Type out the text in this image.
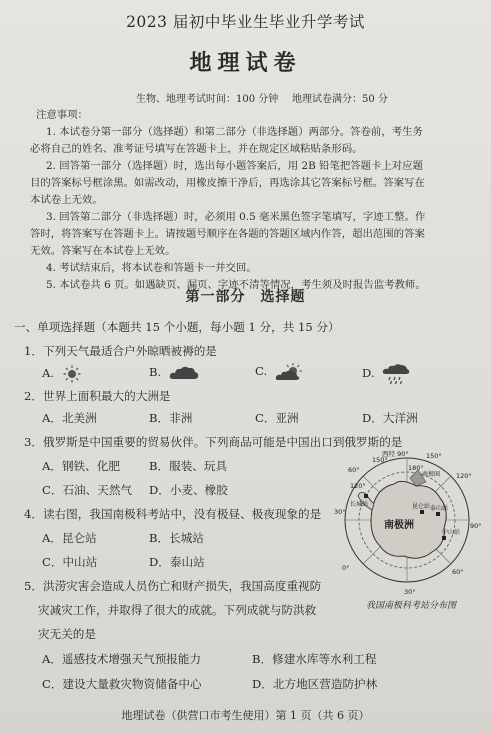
2023 届初中毕业生毕业升学考试
地理试卷
生物、地理考试时间：100 分钟 地理试卷满分：50 分
注意事项：
1. 本试卷分第一部分（选择题）和第二部分（非选择题）两部分。答卷前，考生务
必将自己的姓名、准考证号填写在答题卡上，并在规定区域粘贴条形码。
2. 回答第一部分（选择题）时，选出每小题答案后，用 2B 铅笔把答题卡上对应题
目的答案标号框涂黑。如需改动，用橡皮擦干净后，再选涂其它答案标号框。答案写在
本试卷上无效。
3. 回答第二部分（非选择题）时，必须用 0.5 毫米黑色签字笔填写，字迹工整。作
答时，将答案写在答题卡上。请按题号顺序在各题的答题区域内作答，超出范围的答案
无效。答案写在本试卷上无效。
4. 考试结束后，将本试卷和答题卡一并交回。
5. 本试卷共 6 页。如遇缺页、漏页、字迹不清等情况，考生须及时报告监考教师。
第一部分　选择题
一、单项选择题（本题共 15 个小题，每小题 1 分，共 15 分）
1．下列天气最适合户外晾晒被褥的是
A.	B.	C.	D.
2．世界上面积最大的大洲是
A．北美洲	B．非洲	C．亚洲	D．大洋洲
3．俄罗斯是中国重要的贸易伙伴。下列商品可能是中国出口到俄罗斯的是
A．钢铁、化肥	B．服装、玩具
C．石油、天然气 D．小麦、橡胶
4．读右图，我国南极科考站中，没有极昼、极夜现象的是
A．昆仑站	B．长城站
C．中山站	D．泰山站
5．洪涝灾害会造成人员伤亡和财产损失，我国高度重视防
灾减灾工作，并取得了很大的成就。下列成就与防洪救
灾无关的是
A．遥感技术增强天气预报能力	B．修建水库等水利工程
C．建设大量救灾物资储备中心	D．北方地区营造防护林
西经 90°
60°
30°
0°
30°
60°
90°
120°
150°
180°
150°
120°
南极圈
长城站	昆仑站 泰山站
中山站
南极洲
我国南极科考站分布图
地理试卷（供营口市考生使用）第 1 页（共 6 页）
